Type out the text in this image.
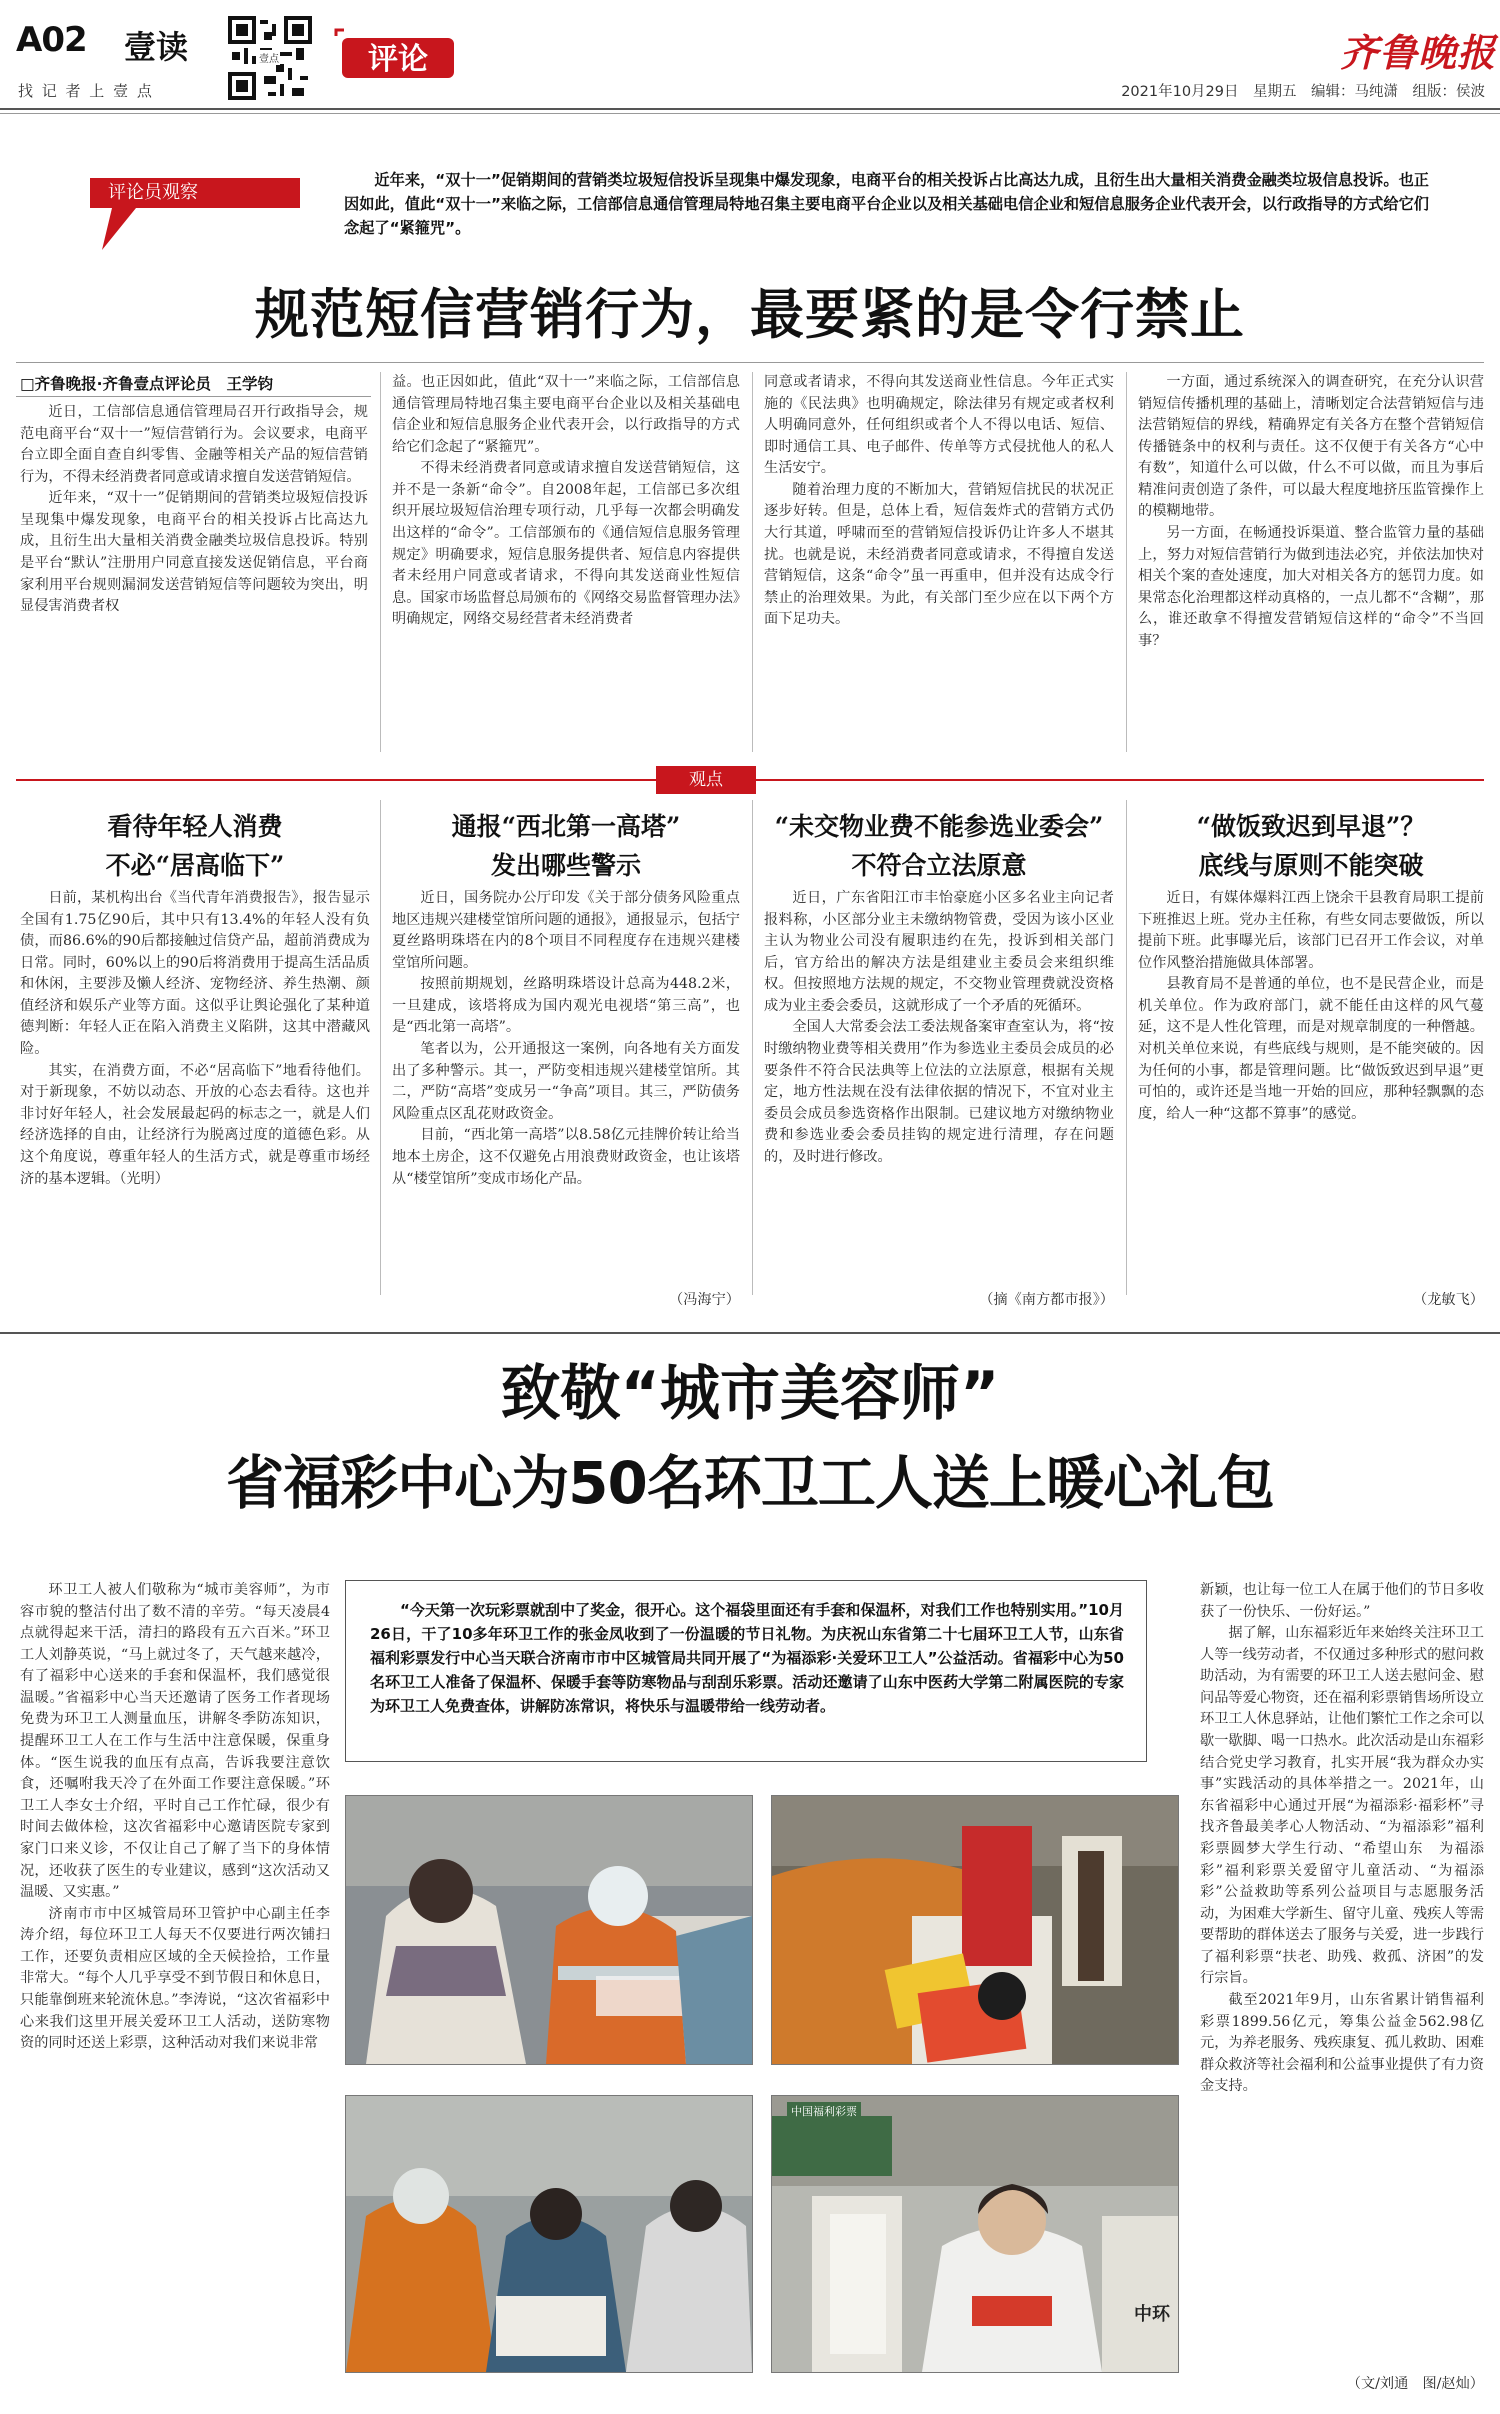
A02 壹读
找 记 者 上 壹 点
壹点	评论	齐鲁晚报
2021年10月29日　星期五　编辑：马纯潇　组版：侯波
评论员观察
近年来，“双十一”促销期间的营销类垃圾短信投诉呈现集中爆发现象，电商平台的相关投诉占比高达九成，且衍生出大量相关消费金融类垃圾信息投诉。也正因如此，值此“双十一”来临之际，工信部信息通信管理局特地召集主要电商平台企业以及相关基础电信企业和短信息服务企业代表开会，以行政指导的方式给它们念起了“紧箍咒”。
规范短信营销行为，最要紧的是令行禁止
□齐鲁晚报·齐鲁壹点评论员　王学钧

近日，工信部信息通信管理局召开行政指导会，规范电商平台“双十一”短信营销行为。会议要求，电商平台立即全面自查自纠零售、金融等相关产品的短信营销行为，不得未经消费者同意或请求擅自发送营销短信。

近年来，“双十一”促销期间的营销类垃圾短信投诉呈现集中爆发现象，电商平台的相关投诉占比高达九成，且衍生出大量相关消费金融类垃圾信息投诉。特别是平台“默认”注册用户同意直接发送促销信息，平台商家利用平台规则漏洞发送营销短信等问题较为突出，明显侵害消费者权

益。也正因如此，值此“双十一”来临之际，工信部信息通信管理局特地召集主要电商平台企业以及相关基础电信企业和短信息服务企业代表开会，以行政指导的方式给它们念起了“紧箍咒”。

不得未经消费者同意或请求擅自发送营销短信，这并不是一条新“命令”。自2008年起，工信部已多次组织开展垃圾短信治理专项行动，几乎每一次都会明确发出这样的“命令”。工信部颁布的《通信短信息服务管理规定》明确要求，短信息服务提供者、短信息内容提供者未经用户同意或者请求，不得向其发送商业性短信息。国家市场监督总局颁布的《网络交易监督管理办法》明确规定，网络交易经营者未经消费者

同意或者请求，不得向其发送商业性信息。今年正式实施的《民法典》也明确规定，除法律另有规定或者权利人明确同意外，任何组织或者个人不得以电话、短信、即时通信工具、电子邮件、传单等方式侵扰他人的私人生活安宁。

随着治理力度的不断加大，营销短信扰民的状况正逐步好转。但是，总体上看，短信轰炸式的营销方式仍大行其道，呼啸而至的营销短信投诉仍让许多人不堪其扰。也就是说，未经消费者同意或请求，不得擅自发送营销短信，这条“命令”虽一再重申，但并没有达成令行禁止的治理效果。为此，有关部门至少应在以下两个方面下足功夫。

一方面，通过系统深入的调查研究，在充分认识营销短信传播机理的基础上，清晰划定合法营销短信与违法营销短信的界线，精确界定有关各方在整个营销短信传播链条中的权利与责任。这不仅便于有关各方“心中有数”，知道什么可以做，什么不可以做，而且为事后精准问责创造了条件，可以最大程度地挤压监管操作上的模糊地带。

另一方面，在畅通投诉渠道、整合监管力量的基础上，努力对短信营销行为做到违法必究，并依法加快对相关个案的查处速度，加大对相关各方的惩罚力度。如果常态化治理都这样动真格的，一点儿都不“含糊”，那么，谁还敢拿不得擅发营销短信这样的“命令”不当回事？

观点
看待年轻人消费
不必“居高临下”

日前，某机构出台《当代青年消费报告》，报告显示全国有1.75亿90后，其中只有13.4%的年轻人没有负债，而86.6%的90后都接触过信贷产品，超前消费成为日常。同时，60%以上的90后将消费用于提高生活品质和休闲，主要涉及懒人经济、宠物经济、养生热潮、颜值经济和娱乐产业等方面。这似乎让舆论强化了某种道德判断：年轻人正在陷入消费主义陷阱，这其中潜藏风险。

其实，在消费方面，不必“居高临下”地看待他们。对于新现象，不妨以动态、开放的心态去看待。这也并非讨好年轻人，社会发展最起码的标志之一，就是人们经济选择的自由，让经济行为脱离过度的道德色彩。从这个角度说，尊重年轻人的生活方式，就是尊重市场经济的基本逻辑。（光明）

通报“西北第一高塔”
发出哪些警示

近日，国务院办公厅印发《关于部分债务风险重点地区违规兴建楼堂馆所问题的通报》，通报显示，包括宁夏丝路明珠塔在内的8个项目不同程度存在违规兴建楼堂馆所问题。

按照前期规划，丝路明珠塔设计总高为448.2米，一旦建成，该塔将成为国内观光电视塔“第三高”，也是“西北第一高塔”。

笔者以为，公开通报这一案例，向各地有关方面发出了多种警示。其一，严防变相违规兴建楼堂馆所。其二，严防“高塔”变成另一“争高”项目。其三，严防债务风险重点区乱花财政资金。

目前，“西北第一高塔”以8.58亿元挂牌价转让给当地本土房企，这不仅避免占用浪费财政资金，也让该塔从“楼堂馆所”变成市场化产品。

（冯海宁）
“未交物业费不能参选业委会”
不符合立法原意

近日，广东省阳江市丰怡豪庭小区多名业主向记者报料称，小区部分业主未缴纳物管费，受因为该小区业主认为物业公司没有履职违约在先，投诉到相关部门后，官方给出的解决方法是组建业主委员会来组织维权。但按照地方法规的规定，不交物业管理费就没资格成为业主委会委员，这就形成了一个矛盾的死循环。

全国人大常委会法工委法规备案审查室认为，将“按时缴纳物业费等相关费用”作为参选业主委员会成员的必要条件不符合民法典等上位法的立法原意，根据有关规定，地方性法规在没有法律依据的情况下，不宜对业主委员会成员参选资格作出限制。已建议地方对缴纳物业费和参选业委会委员挂钩的规定进行清理，存在问题的，及时进行修改。

（摘《南方都市报》）
“做饭致迟到早退”？
底线与原则不能突破

近日，有媒体爆料江西上饶余干县教育局职工提前下班推迟上班。党办主任称，有些女同志要做饭，所以提前下班。此事曝光后，该部门已召开工作会议，对单位作风整治措施做具体部署。

县教育局不是普通的单位，也不是民营企业，而是机关单位。作为政府部门，就不能任由这样的风气蔓延，这不是人性化管理，而是对规章制度的一种僭越。对机关单位来说，有些底线与规则，是不能突破的。因为任何的小事，都是管理问题。比“做饭致迟到早退”更可怕的，或许还是当地一开始的回应，那种轻飘飘的态度，给人一种“这都不算事”的感觉。

（龙敏飞）
致敬“城市美容师”
省福彩中心为50名环卫工人送上暖心礼包

环卫工人被人们敬称为“城市美容师”，为市容市貌的整洁付出了数不清的辛劳。“每天凌晨4点就得起来干活，清扫的路段有五六百米。”环卫工人刘静英说，“马上就过冬了，天气越来越冷，有了福彩中心送来的手套和保温杯，我们感觉很温暖。”省福彩中心当天还邀请了医务工作者现场免费为环卫工人测量血压，讲解冬季防冻知识，提醒环卫工人在工作与生活中注意保暖，保重身体。“医生说我的血压有点高，告诉我要注意饮食，还嘱咐我天冷了在外面工作要注意保暖。”环卫工人李女士介绍，平时自己工作忙碌，很少有时间去做体检，这次省福彩中心邀请医院专家到家门口来义诊，不仅让自己了解了当下的身体情况，还收获了医生的专业建议，感到“这次活动又温暖、又实惠。”

济南市市中区城管局环卫管护中心副主任李涛介绍，每位环卫工人每天不仅要进行两次铺扫工作，还要负责相应区域的全天候捡拾，工作量非常大。“每个人几乎享受不到节假日和休息日，只能靠倒班来轮流休息。”李涛说，“这次省福彩中心来我们这里开展关爱环卫工人活动，送防寒物资的同时还送上彩票，这种活动对我们来说非常

“今天第一次玩彩票就刮中了奖金，很开心。这个福袋里面还有手套和保温杯，对我们工作也特别实用。”10月26日，干了10多年环卫工作的张金凤收到了一份温暖的节日礼物。为庆祝山东省第二十七届环卫工人节，山东省福利彩票发行中心当天联合济南市市中区城管局共同开展了“为福添彩·关爱环卫工人”公益活动。省福彩中心为50名环卫工人准备了保温杯、保暖手套等防寒物品与刮刮乐彩票。活动还邀请了山东中医药大学第二附属医院的专家为环卫工人免费查体，讲解防冻常识，将快乐与温暖带给一线劳动者。
中国福利彩票
中环

新颖，也让每一位工人在属于他们的节日多收获了一份快乐、一份好运。”

据了解，山东福彩近年来始终关注环卫工人等一线劳动者，不仅通过多种形式的慰问救助活动，为有需要的环卫工人送去慰问金、慰问品等爱心物资，还在福利彩票销售场所设立环卫工人休息驿站，让他们繁忙工作之余可以歇一歇脚、喝一口热水。此次活动是山东福彩结合党史学习教育，扎实开展“我为群众办实事”实践活动的具体举措之一。2021年，山东省福彩中心通过开展“为福添彩·福彩杯”寻找齐鲁最美孝心人物活动、“为福添彩”福利彩票圆梦大学生行动、“希望山东　为福添彩”福利彩票关爱留守儿童活动、“为福添彩”公益救助等系列公益项目与志愿服务活动，为困难大学新生、留守儿童、残疾人等需要帮助的群体送去了服务与关爱，进一步践行了福利彩票“扶老、助残、救孤、济困”的发行宗旨。

截至2021年9月，山东省累计销售福利彩票1899.56亿元，筹集公益金562.98亿元，为养老服务、残疾康复、孤儿救助、困难群众救济等社会福利和公益事业提供了有力资金支持。

（文/刘通　图/赵灿）
